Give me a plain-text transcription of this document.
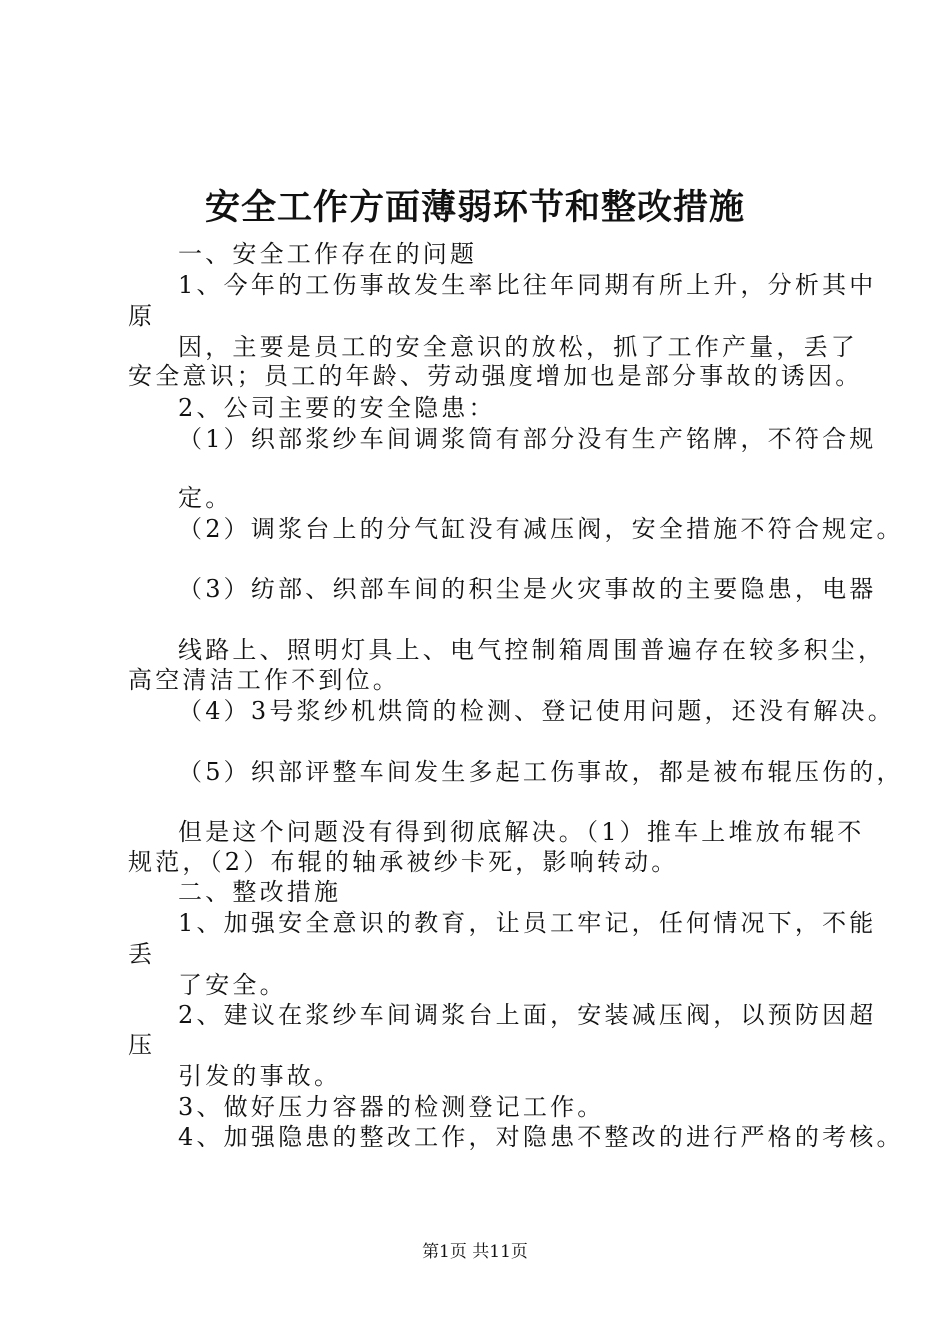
安全工作方面薄弱环节和整改措施
一、安全工作存在的问题
1、今年的工伤事故发生率比往年同期有所上升，分析其中
原
因，主要是员工的安全意识的放松，抓了工作产量，丢了
安全意识；员工的年龄、劳动强度增加也是部分事故的诱因。
2、公司主要的安全隐患：
（1）织部浆纱车间调浆筒有部分没有生产铭牌，不符合规
定。
（2）调浆台上的分气缸没有减压阀，安全措施不符合规定。
（3）纺部、织部车间的积尘是火灾事故的主要隐患，电器
线路上、照明灯具上、电气控制箱周围普遍存在较多积尘，
高空清洁工作不到位。
（4）3号浆纱机烘筒的检测、登记使用问题，还没有解决。
（5）织部评整车间发生多起工伤事故，都是被布辊压伤的，
但是这个问题没有得到彻底解决。（1）推车上堆放布辊不
规范，（2）布辊的轴承被纱卡死，影响转动。
二、整改措施
1、加强安全意识的教育，让员工牢记，任何情况下，不能
丢
了安全。
2、建议在浆纱车间调浆台上面，安装减压阀，以预防因超
压
引发的事故。
3、做好压力容器的检测登记工作。
4、加强隐患的整改工作，对隐患不整改的进行严格的考核。
第1页 共11页
